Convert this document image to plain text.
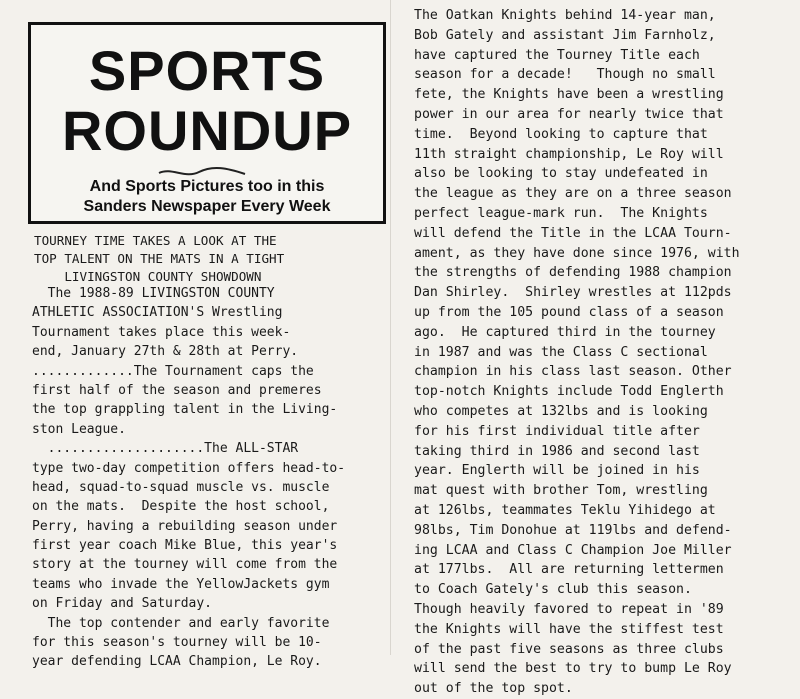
SPORTS
ROUNDUP
And Sports Pictures too in this
Sanders Newspaper Every Week
TOURNEY TIME TAKES A LOOK AT THE
TOP TALENT ON THE MATS IN A TIGHT
LIVINGSTON COUNTY SHOWDOWN
The 1988-89 LIVINGSTON COUNTY
ATHLETIC ASSOCIATION'S Wrestling
Tournament takes place this week-
end, January 27th & 28th at Perry.
.............The Tournament caps the
first half of the season and premeres
the top grappling talent in the Living-
ston League.
....................The ALL-STAR
type two-day competition offers head-to-
head, squad-to-squad muscle vs. muscle
on the mats.  Despite the host school,
Perry, having a rebuilding season under
first year coach Mike Blue, this year's
story at the tourney will come from the
teams who invade the YellowJackets gym
on Friday and Saturday.
The top contender and early favorite
for this season's tourney will be 10-
year defending LCAA Champion, Le Roy.
The Oatkan Knights behind 14-year man,
Bob Gately and assistant Jim Farnholz,
have captured the Tourney Title each
season for a decade!   Though no small
fete, the Knights have been a wrestling
power in our area for nearly twice that
time.  Beyond looking to capture that
11th straight championship, Le Roy will
also be looking to stay undefeated in
the league as they are on a three season
perfect league-mark run.  The Knights
will defend the Title in the LCAA Tourn-
ament, as they have done since 1976, with
the strengths of defending 1988 champion
Dan Shirley.  Shirley wrestles at 112pds
up from the 105 pound class of a season
ago.  He captured third in the tourney
in 1987 and was the Class C sectional
champion in his class last season. Other
top-notch Knights include Todd Englerth
who competes at 132lbs and is looking
for his first individual title after
taking third in 1986 and second last
year. Englerth will be joined in his
mat quest with brother Tom, wrestling
at 126lbs, teammates Teklu Yihidego at
98lbs, Tim Donohue at 119lbs and defend-
ing LCAA and Class C Champion Joe Miller
at 177lbs.  All are returning lettermen
to Coach Gately's club this season.
Though heavily favored to repeat in '89
the Knights will have the stiffest test
of the past five seasons as three clubs
will send the best to try to bump Le Roy
out of the top spot.
